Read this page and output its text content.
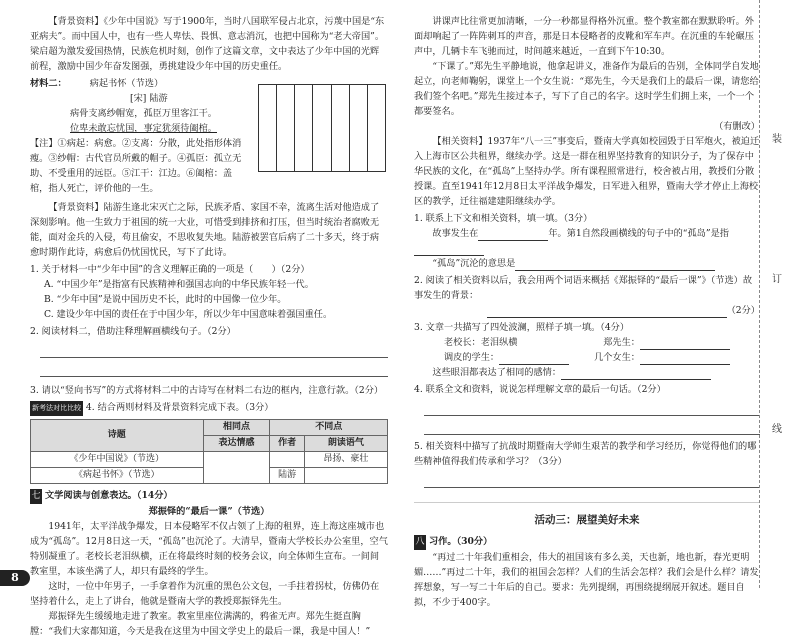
【背景资料】《少年中国说》写于1900年，当时八国联军侵占北京，污蔑中国是“东亚病夫”。而中国人中，也有一些人卑怯、畏惧、意志消沉，也把中国称为“老大帝国”。梁启超为激发爱国热情，民族危机时刻，创作了这篇文章，文中表达了少年中国的光辉前程，激励中国少年奋发图强，勇挑建设少年中国的历史重任。

材料二： 病起书怀（节选）

[宋] 陆游

病骨支离纱帽宽，孤臣万里客江干。

位卑未敢忘忧国，事定犹须待阖棺。

【注】①病起：病愈。②支离：分散，此处指形体消瘦。③纱帽：古代官员所戴的帽子。④孤臣：孤立无助、不受重用的远臣。⑤江干：江边。⑥阖棺：盖棺，指人死亡，评价他的一生。

【背景资料】陆游生逢北宋灭亡之际，民族矛盾、家国不幸，流离生活对他造成了深刻影响。他一生致力于祖国的统一大业，可惜受到排挤和打压，但当时统治者腐败无能，面对金兵的入侵，苟且偷安，不思收复失地。陆游被罢官后病了二十多天，终于病愈时期作此诗，病愈后仍忧国忧民，写下了此诗。

1. 关于材料一中“少年中国”的含义理解正确的一项是（　　）（2分）

A. “中国少年”是指富有民族精神和强国志向的中华民族年轻一代。

B. “少年中国”是说中国历史不长，此时的中国像一位少年。

C. 建设少年中国的责任在于中国少年，所以少年中国意味着强国重任。

2. 阅读材料二，借助注释理解画横线句子。（2分）

3. 请以“竖向书写”的方式将材料二中的古诗写在材料二右边的框内，注意行款。（2分）

新考法对比比较 4. 结合两则材料及背景资料完成下表。（3分）

诗题	相同点	不同点	
	表达情感	作者	朗读语气
《少年中国说》（节选）			昂扬、豪壮
《病起书怀》（节选）		陆游	

七 文学阅读与创意表达。（14分）

郑振铎的“最后一课”（节选）

1941年，太平洋战争爆发，日本侵略军不仅占领了上海的租界，连上海这座城市也成为“孤岛”。12月8日这一天，“孤岛”也沉沦了。大清早，暨南大学校长办公室里，空气特别凝重了。老校长老泪纵横，正在将最终时刻的校务会议，向全体师生宣布。一间间教室里，本该坐满了人，却只有最终的学生。

这时，一位中年男子，一手拿着作为沉重的黑色公文包，一手拄着拐杖，仿佛仍在坚持着什么，走上了讲台，他就是暨南大学的教授郑振铎先生。

郑振铎先生缓缓地走进了教室。教室里座位满满的，鸦雀无声。郑先生挺直胸膛：“我们大家都知道，今天是我在这里为中国文学史上的最后一课，我是中国人！”

8

讲课声比往常更加清晰，一分一秒都显得格外沉重。整个教室都在默默聆听。外面却响起了一阵阵刺耳的声音，那是日本侵略者的皮靴和军车声。在沉重的车轮碾压声中，几辆卡车飞驰而过，时间越来越近，一直到下午10:30。

“下课了。”郑先生平静地说，他拿起讲义，准备作为最后的告别，全体同学自发地起立，向老师鞠躬，课堂上一个女生说：“郑先生，今天是我们上的最后一课，请您给我们签个名吧。”郑先生接过本子，写下了自己的名字。这时学生们拥上来，一个一个都要签名。

（有删改）

【相关资料】1937年“八一三”事变后，暨南大学真如校园毁于日军炮火，被迫迁入上海市区公共租界，继续办学。这是一群在租界坚持教育的知识分子，为了保存中华民族的文化，在“孤岛”上坚持办学。所有课程照常进行，校舍被占用，教授们分散授课。直至1941年12月8日太平洋战争爆发，日军进入租界，暨南大学才停止上海校区的教学，迁往福建建阳继续办学。

1. 联系上下文和相关资料，填一填。（3分）

故事发生在	年。第1自然段画横线的句子中的“孤岛”是指

“孤岛”沉沦的意思是

2. 阅读了相关资料以后，我会用两个词语来概括《郑振铎的“最后一课”》（节选）故事发生的背景：

（2分）

3. 文章一共描写了四处波澜，照样子填一填。（4分）

老校长：老泪纵横	郑先生：
调皮的学生：	几个女生：

这些眼泪都表达了相同的感情：

4. 联系全文和资料，说说怎样理解文章的最后一句话。（2分）

5. 相关资料中描写了抗战时期暨南大学师生艰苦的教学和学习经历，你觉得他们的哪些精神值得我们传承和学习？（3分）

活动三：展望美好未来

八 习作。（30分）

“再过二十年我们重相会，伟大的祖国该有多么美，天也新，地也新，春光更明媚……”再过二十年，我们的祖国会怎样？人们的生活会怎样？我们会是什么样？请发挥想象，写一写二十年后的自己。要求：先列提纲，再围绕提纲展开叙述。题目自拟，不少于400字。

装
订
线
